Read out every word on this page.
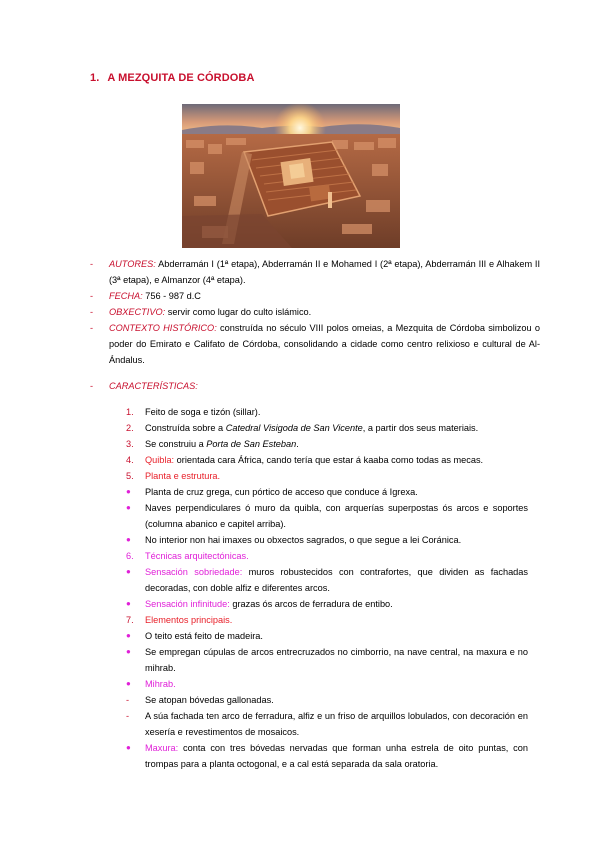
1. A MEZQUITA DE CÓRDOBA
- AUTORES: Abderramán I (1ª etapa), Abderramán II e Mohamed I (2ª etapa), Abderramán III e Alhakem II (3ª etapa), e Almanzor (4ª etapa).
- FECHA: 756 - 987 d.C
- OBXECTIVO: servir como lugar do culto islámico.
- CONTEXTO HISTÓRICO: construída no século VIII polos omeias, a Mezquita de Córdoba simbolizou o poder do Emirato e Califato de Córdoba, consolidando a cidade como centro relixioso e cultural de Al-Ándalus.
- CARACTERÍSTICAS:
1. Feito de soga e tizón (sillar).
2. Construída sobre a Catedral Visigoda de San Vicente, a partir dos seus materiais.
3. Se construiu a Porta de San Esteban.
4. Quibla: orientada cara África, cando tería que estar á kaaba como todas as mecas.
5. Planta e estrutura.
● Planta de cruz grega, cun pórtico de acceso que conduce á Igrexa.
● Naves perpendiculares ó muro da quibla, con arquerías superpostas ós arcos e soportes (columna abanico e capitel arriba).
● No interior non hai imaxes ou obxectos sagrados, o que segue a lei Coránica.
6. Técnicas arquitectónicas.
● Sensación sobriedade: muros robustecidos con contrafortes, que dividen as fachadas decoradas, con doble alfiz e diferentes arcos.
● Sensación infinitude: grazas ós arcos de ferradura de entibo.
7. Elementos principais.
● O teito está feito de madeira.
● Se empregan cúpulas de arcos entrecruzados no cimborrio, na nave central, na maxura e no mihrab.
● Mihrab.
- Se atopan bóvedas gallonadas.
- A súa fachada ten arco de ferradura, alfiz e un friso de arquillos lobulados, con decoración en xesería e revestimentos de mosaicos.
● Maxura: conta con tres bóvedas nervadas que forman unha estrela de oito puntas, con trompas para a planta octogonal, e a cal está separada da sala oratoria.
